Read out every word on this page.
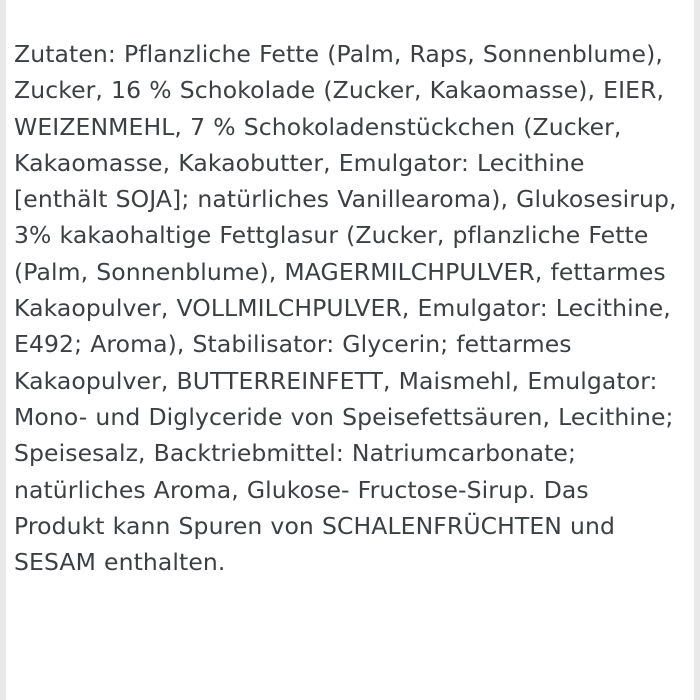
Zutaten: Pflanzliche Fette (Palm, Raps, Sonnenblume), Zucker, 16 % Schokolade (Zucker, Kakaomasse), EIER, WEIZENMEHL, 7 % Schokoladenstückchen (Zucker, Kakaomasse, Kakaobutter, Emulgator: Lecithine [enthält SOJA]; natürliches Vanillearoma), Glukosesirup, 3% kakaohaltige Fettglasur (Zucker, pflanzliche Fette (Palm, Sonnenblume), MAGERMILCHPULVER, fettarmes Kakaopulver, VOLLMILCHPULVER, Emulgator: Lecithine, E492; Aroma), Stabilisator: Glycerin; fettarmes Kakaopulver, BUTTERREINFETT, Maismehl, Emulgator: Mono- und Diglyceride von Speisefettsäuren, Lecithine; Speisesalz, Backtriebmittel: Natriumcarbonate; natürliches Aroma, Glukose- Fructose-Sirup. Das Produkt kann Spuren von SCHALENFRÜCHTEN und SESAM enthalten.
